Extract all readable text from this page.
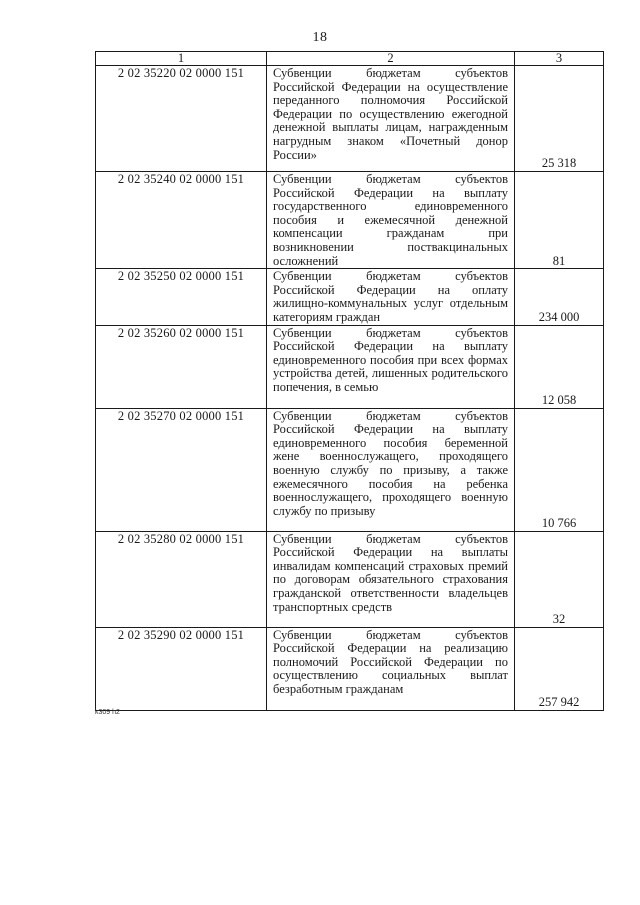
18
1	2	3
2 02 35220 02 0000 151	Субвенции бюджетам субъектов Российской Федерации на осуществление переданного полномочия Российской Федерации по осуществлению ежегодной денежной выплаты лицам, награжденным нагрудным знаком «Почетный донор России»	25 318
2 02 35240 02 0000 151	Субвенции бюджетам субъектов Российской Федерации на выплату государственного единовременного пособия и ежемесячной денежной компенсации гражданам при возникновении поствакцинальных осложнений	81
2 02 35250 02 0000 151	Субвенции бюджетам субъектов Российской Федерации на оплату жилищно-коммунальных услуг отдельным категориям граждан	234 000
2 02 35260 02 0000 151	Субвенции бюджетам субъектов Российской Федерации на выплату единовременного пособия при всех формах устройства детей, лишенных родительского попечения, в семью	12 058
2 02 35270 02 0000 151	Субвенции бюджетам субъектов Российской Федерации на выплату единовременного пособия беременной жене военнослужащего, проходящего военную службу по призыву, а также ежемесячного пособия на ребенка военнослужащего, проходящего военную службу по призыву	10 766
2 02 35280 02 0000 151	Субвенции бюджетам субъектов Российской Федерации на выплаты инвалидам компенсаций страховых премий по договорам обязательного страхования гражданской ответственности владельцев транспортных средств	32
2 02 35290 02 0000 151	Субвенции бюджетам субъектов Российской Федерации на реализацию полномочий Российской Федерации по осуществлению социальных выплат безработным гражданам	257 942
k309 h2
